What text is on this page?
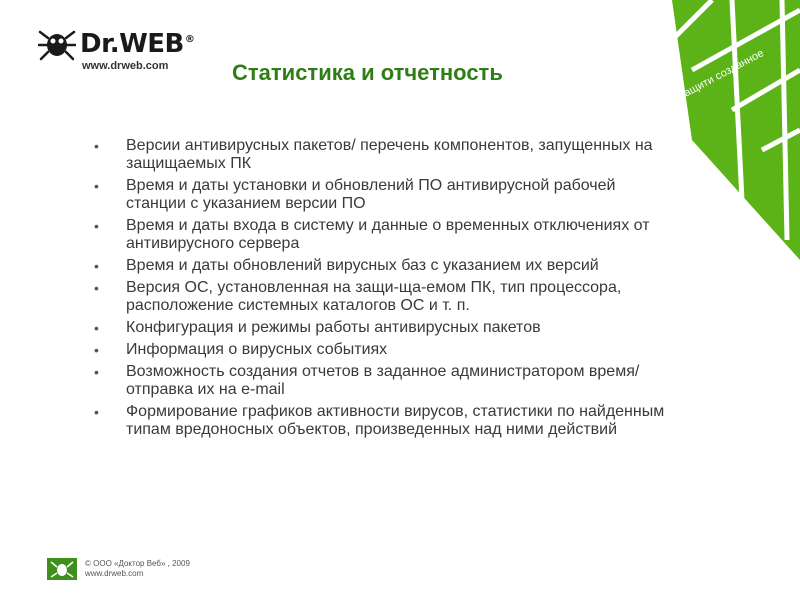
Защити созданное
Dr.WEB®
www.drweb.com	Статистика и отчетность
• Версии антивирусных пакетов/ перечень компонентов, запущенных на защищаемых ПК
• Время и даты установки и обновлений ПО антивирусной рабочей станции с указанием версии ПО
• Время и даты входа в систему и данные о временных отключениях от антивирусного сервера
• Время и даты обновлений вирусных баз с указанием их версий
• Версия ОС, установленная на защи-ща-емом ПК, тип процессора, расположение системных каталогов ОС и т. п.
• Конфигурация и режимы работы антивирусных пакетов
• Информация о вирусных событиях
• Возможность создания отчетов в заданное администратором время/отправка их на e-mail
• Формирование графиков активности вирусов, статистики по найденным типам вредоносных объектов, произведенных над ними действий
© ООО «Доктор Веб» , 2009
www.drweb.com
